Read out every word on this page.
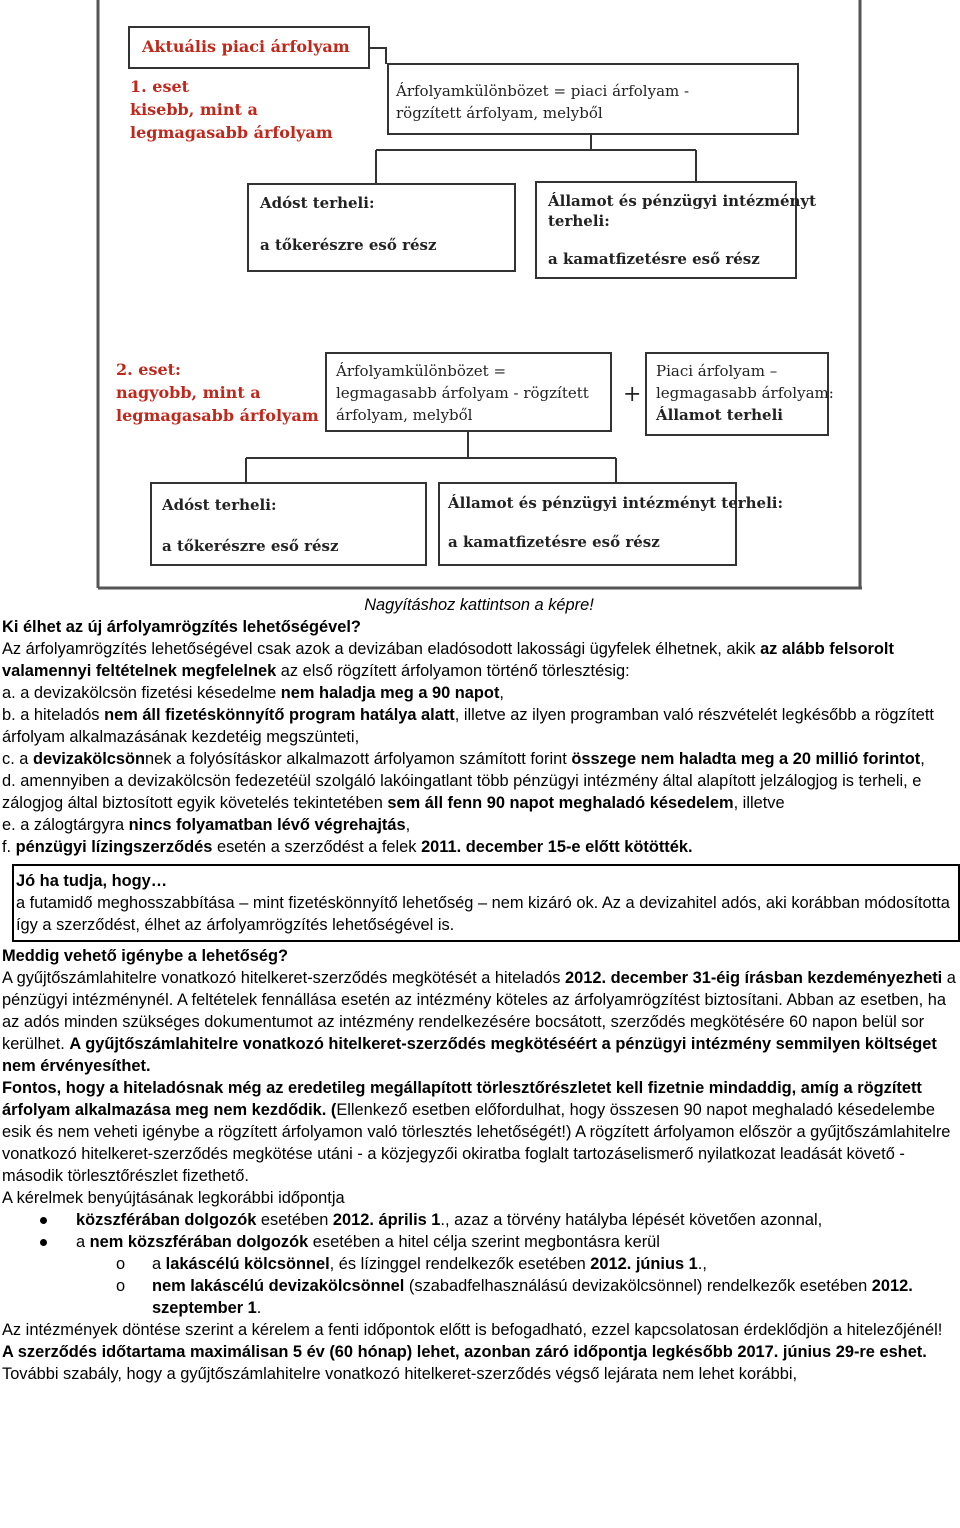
Aktuális piaci árfolyam
1. eset
kisebb, mint a
legmagasabb árfolyam
2. eset:
nagyobb, mint a
legmagasabb árfolyam
Árfolyamkülönbözet = piaci árfolyam -
rögzített árfolyam, melyből
Adóst terheli:
a tőkerészre eső rész
Államot és pénzügyi intézményt
terheli:
a kamatfizetésre eső rész
Árfolyamkülönbözet =
legmagasabb árfolyam - rögzített
árfolyam, melyből
+
Piaci árfolyam –
legmagasabb árfolyam:
Államot terheli
Adóst terheli:
a tőkerészre eső rész
Államot és pénzügyi intézményt terheli:
a kamatfizetésre eső rész

Nagyításhoz kattintson a képre!

Ki élhet az új árfolyamrögzítés lehetőségével?

Az árfolyamrögzítés lehetőségével csak azok a devizában eladósodott lakossági ügyfelek élhetnek, akik az alább felsorolt valamennyi feltételnek megfelelnek az első rögzített árfolyamon történő törlesztésig:

a. a devizakölcsön fizetési késedelme nem haladja meg a 90 napot,

b. a hiteladós nem áll fizetéskönnyítő program hatálya alatt, illetve az ilyen programban való részvételét legkésőbb a rögzített árfolyam alkalmazásának kezdetéig megszünteti,

c. a devizakölcsönnek a folyósításkor alkalmazott árfolyamon számított forint összege nem haladta meg a 20 millió forintot,

d. amennyiben a devizakölcsön fedezetéül szolgáló lakóingatlant több pénzügyi intézmény által alapított jelzálogjog is terheli, e zálogjog által biztosított egyik követelés tekintetében sem áll fenn 90 napot meghaladó késedelem, illetve

e. a zálogtárgyra nincs folyamatban lévő végrehajtás,

f. pénzügyi lízingszerződés esetén a szerződést a felek 2011. december 15-e előtt kötötték.

Jó ha tudja, hogy…

a futamidő meghosszabbítása – mint fizetéskönnyítő lehetőség – nem kizáró ok. Az a devizahitel adós, aki korábban módosította így a szerződést, élhet az árfolyamrögzítés lehetőségével is.

Meddig vehető igénybe a lehetőség?

A gyűjtőszámlahitelre vonatkozó hitelkeret-szerződés megkötését a hiteladós 2012. december 31-éig írásban kezdeményezheti a pénzügyi intézménynél. A feltételek fennállása esetén az intézmény köteles az árfolyamrögzítést biztosítani. Abban az esetben, ha az adós minden szükséges dokumentumot az intézmény rendelkezésére bocsátott, szerződés megkötésére 60 napon belül sor kerülhet. A gyűjtőszámlahitelre vonatkozó hitelkeret-szerződés megkötéséért a pénzügyi intézmény semmilyen költséget nem érvényesíthet.

Fontos, hogy a hiteladósnak még az eredetileg megállapított törlesztőrészletet kell fizetnie mindaddig, amíg a rögzített árfolyam alkalmazása meg nem kezdődik. (Ellenkező esetben előfordulhat, hogy összesen 90 napot meghaladó késedelembe esik és nem veheti igénybe a rögzített árfolyamon való törlesztés lehetőségét!) A rögzített árfolyamon először a gyűjtőszámlahitelre vonatkozó hitelkeret-szerződés megkötése utáni - a közjegyzői okiratba foglalt tartozáselismerő nyilatkozat leadását követő - második törlesztőrészlet fizethető.

A kérelmek benyújtásának legkorábbi időpontja

közszférában dolgozók esetében 2012. április 1., azaz a törvény hatályba lépését követően azonnal,
a nem közszférában dolgozók esetében a hitel célja szerint megbontásra kerül
o a lakáscélú kölcsönnel, és lízinggel rendelkezők esetében 2012. június 1.,
o nem lakáscélú devizakölcsönnel (szabadfelhasználású devizakölcsönnel) rendelkezők esetében 2012. szeptember 1.

Az intézmények döntése szerint a kérelem a fenti időpontok előtt is befogadható, ezzel kapcsolatosan érdeklődjön a hitelezőjénél!

A szerződés időtartama maximálisan 5 év (60 hónap) lehet, azonban záró időpontja legkésőbb 2017. június 29-re eshet.

További szabály, hogy a gyűjtőszámlahitelre vonatkozó hitelkeret-szerződés végső lejárata nem lehet korábbi,
